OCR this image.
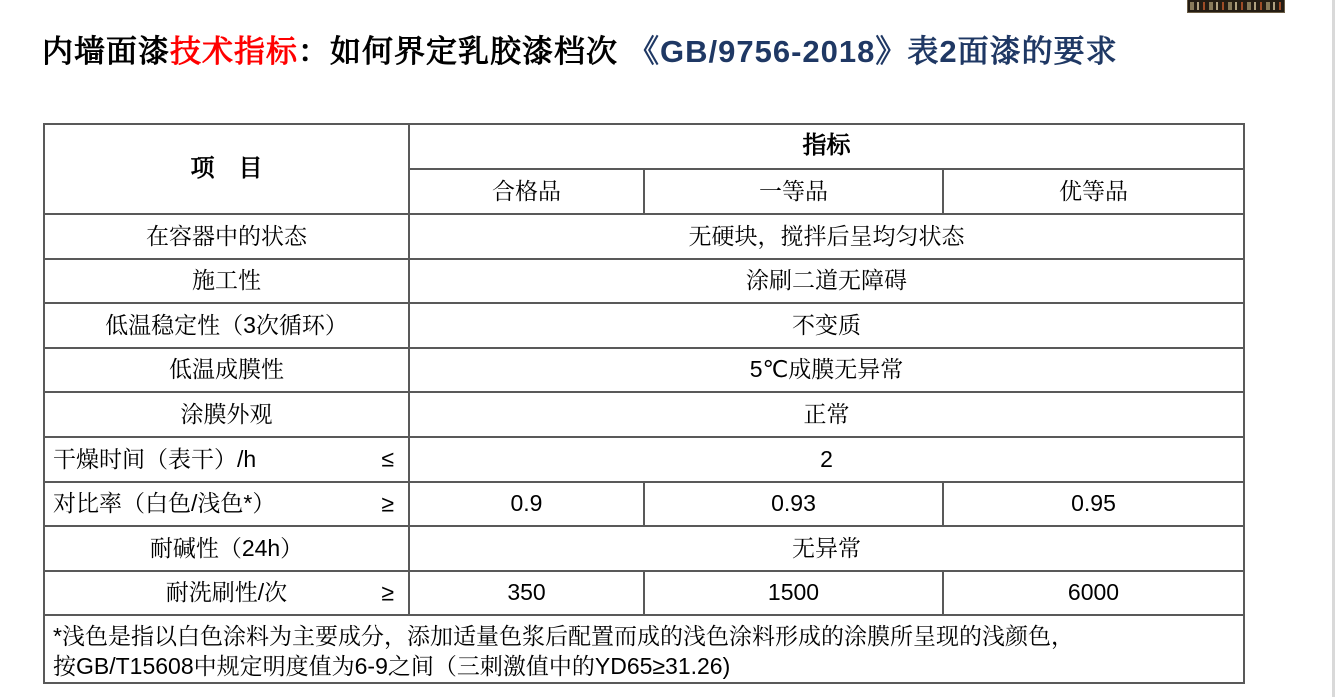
内墙面漆技术指标：如何界定乳胶漆档次 《GB/9756-2018》表2面漆的要求
项　目
指标
合格品	一等品	优等品
在容器中的状态	无硬块，搅拌后呈均匀状态
施工性	涂刷二道无障碍
低温稳定性（3次循环）	不变质
低温成膜性	5℃成膜无异常
涂膜外观	正常
干燥时间（表干）/h	≤	2
对比率（白色/浅色*）	≥	0.9	0.93	0.95
耐碱性（24h）	无异常
耐洗刷性/次	≥	350	1500	6000
*浅色是指以白色涂料为主要成分，添加适量色浆后配置而成的浅色涂料形成的涂膜所呈现的浅颜色，
按GB/T15608中规定明度值为6-9之间（三刺激值中的YD65≥31.26)
